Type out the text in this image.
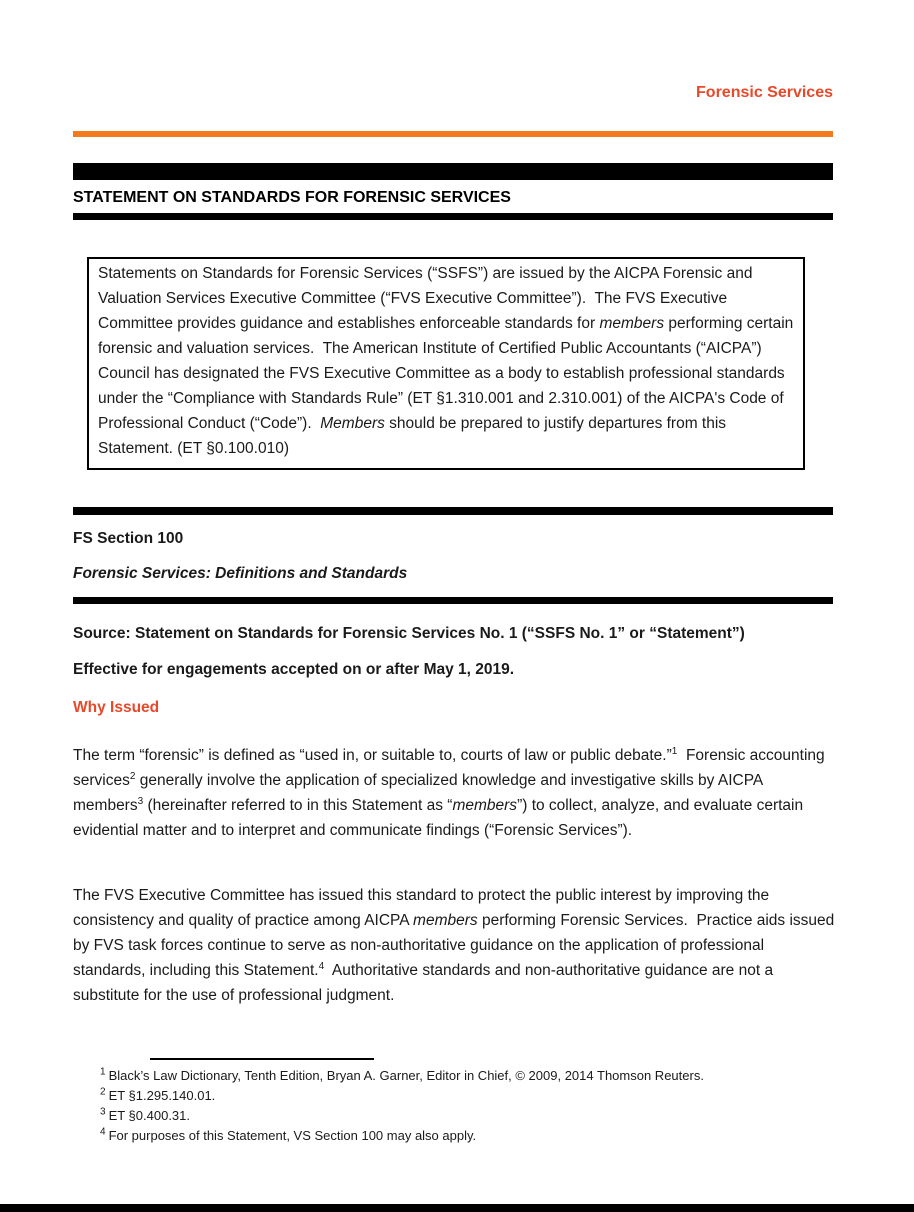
Forensic Services
STATEMENT ON STANDARDS FOR FORENSIC SERVICES
Statements on Standards for Forensic Services (“SSFS”) are issued by the AICPA Forensic and Valuation Services Executive Committee (“FVS Executive Committee”).  The FVS Executive Committee provides guidance and establishes enforceable standards for members performing certain forensic and valuation services.  The American Institute of Certified Public Accountants (“AICPA”) Council has designated the FVS Executive Committee as a body to establish professional standards under the “Compliance with Standards Rule” (ET §1.310.001 and 2.310.001) of the AICPA's Code of Professional Conduct (“Code”).  Members should be prepared to justify departures from this Statement. (ET §0.100.010)
FS Section 100
Forensic Services: Definitions and Standards
Source: Statement on Standards for Forensic Services No. 1 (“SSFS No. 1” or “Statement”)
Effective for engagements accepted on or after May 1, 2019.
Why Issued
The term “forensic” is defined as “used in, or suitable to, courts of law or public debate.”$^1$  Forensic accounting services$^2$ generally involve the application of specialized knowledge and investigative skills by AICPA members$^3$ (hereinafter referred to in this Statement as “members”) to collect, analyze, and evaluate certain evidential matter and to interpret and communicate findings (“Forensic Services”).
The FVS Executive Committee has issued this standard to protect the public interest by improving the consistency and quality of practice among AICPA members performing Forensic Services.  Practice aids issued by FVS task forces continue to serve as non-authoritative guidance on the application of professional standards, including this Statement.$^4$  Authoritative standards and non-authoritative guidance are not a substitute for the use of professional judgment.
$^1$ Black’s Law Dictionary, Tenth Edition, Bryan A. Garner, Editor in Chief, © 2009, 2014 Thomson Reuters.
$^2$ ET §1.295.140.01.
$^3$ ET §0.400.31.
$^4$ For purposes of this Statement, VS Section 100 may also apply.
